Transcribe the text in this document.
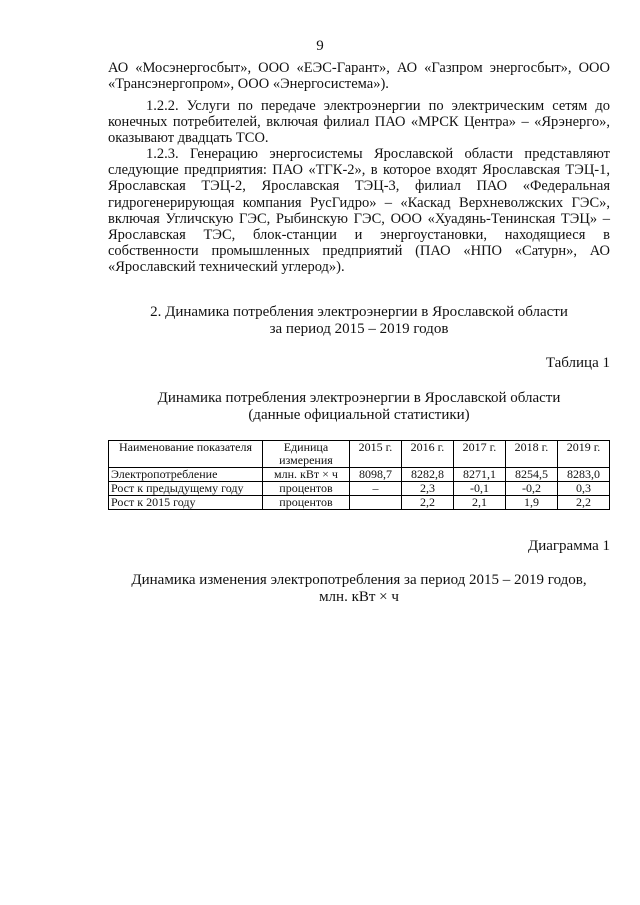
9

АО «Мосэнергосбыт», ООО «ЕЭС-Гарант», АО «Газпром энергосбыт», ООО «Трансэнергопром», ООО «Энергосистема»).

1.2.2. Услуги по передаче электроэнергии по электрическим сетям до конечных потребителей, включая филиал ПАО «МРСК Центра» – «Ярэнерго», оказывают двадцать ТСО.

1.2.3. Генерацию энергосистемы Ярославской области представляют следующие предприятия: ПАО «ТГК-2», в которое входят Ярославская ТЭЦ-1, Ярославская ТЭЦ-2, Ярославская ТЭЦ-3, филиал ПАО «Федеральная гидрогенерирующая компания РусГидро» – «Каскад Верхневолжских ГЭС», включая Угличскую ГЭС, Рыбинскую ГЭС, ООО «Хуадянь-Тенинская ТЭЦ» – Ярославская ТЭС, блок-станции и энергоустановки, находящиеся в собственности промышленных предприятий (ПАО «НПО «Сатурн», АО «Ярославский технический углерод»).

2. Динамика потребления электроэнергии в Ярославской области
за период 2015 – 2019 годов
Таблица 1
Динамика потребления электроэнергии в Ярославской области
(данные официальной статистики)
Наименование показателя	Единица измерения	2015 г.	2016 г.	2017 г.	2018 г.	2019 г.
Электропотребление	млн. кВт × ч	8098,7	8282,8	8271,1	8254,5	8283,0
Рост к предыдущему году	процентов	–	2,3	-0,1	-0,2	0,3
Рост к 2015 году	процентов		2,2	2,1	1,9	2,2
Диаграмма 1
Динамика изменения электропотребления за период 2015 – 2019 годов,
млн. кВт × ч
